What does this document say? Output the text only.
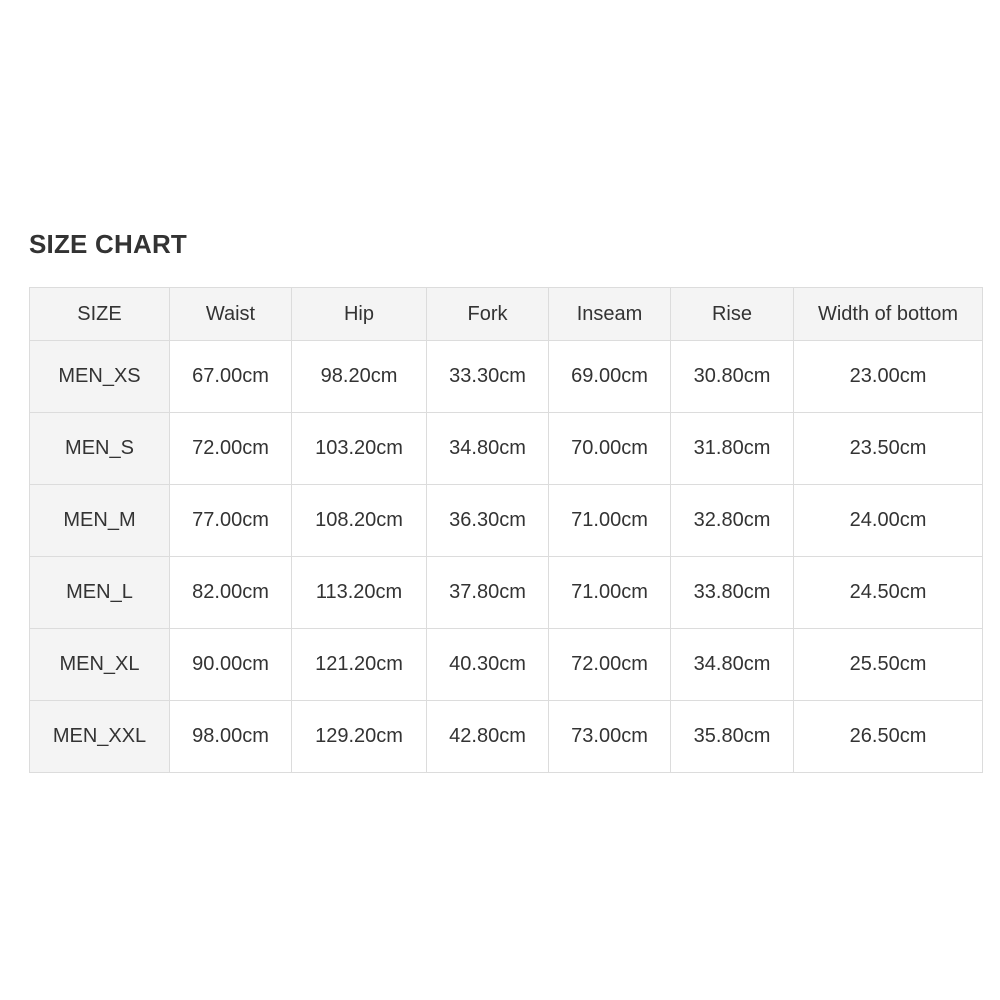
SIZE CHART
SIZE	Waist	Hip	Fork	Inseam	Rise	Width of bottom
MEN_XS	67.00cm	98.20cm	33.30cm	69.00cm	30.80cm	23.00cm
MEN_S	72.00cm	103.20cm	34.80cm	70.00cm	31.80cm	23.50cm
MEN_M	77.00cm	108.20cm	36.30cm	71.00cm	32.80cm	24.00cm
MEN_L	82.00cm	113.20cm	37.80cm	71.00cm	33.80cm	24.50cm
MEN_XL	90.00cm	121.20cm	40.30cm	72.00cm	34.80cm	25.50cm
MEN_XXL	98.00cm	129.20cm	42.80cm	73.00cm	35.80cm	26.50cm
